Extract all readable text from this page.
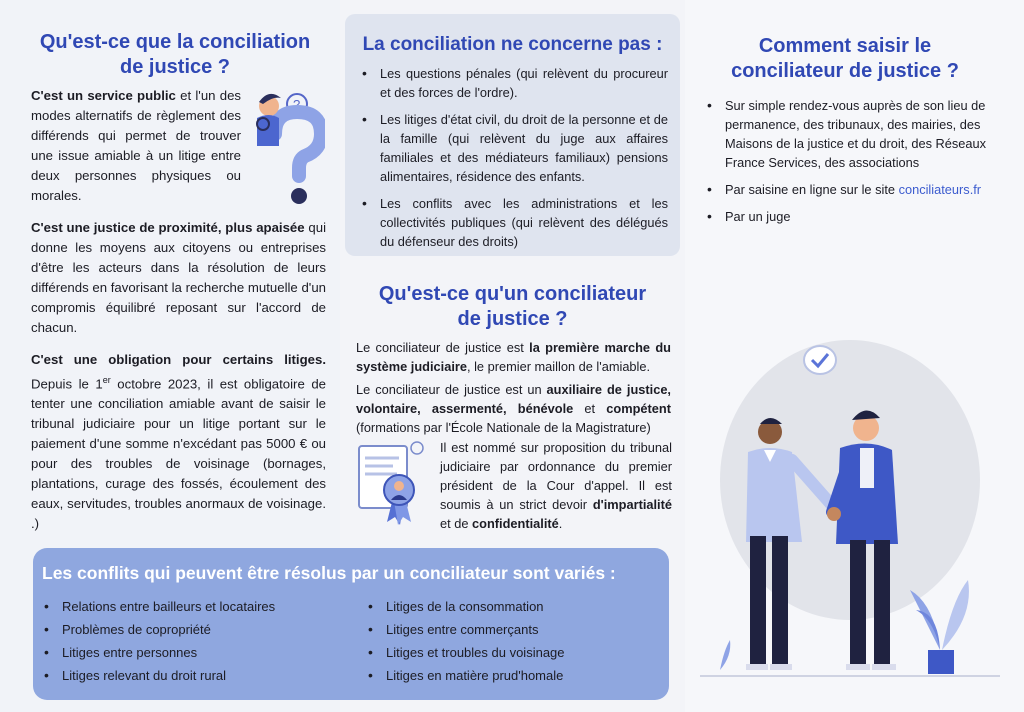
Qu'est-ce que la conciliation
de justice ?
C'est un service public et l'un des modes alternatifs de règlement des différends qui permet de trouver une issue amiable à un litige entre deux personnes physiques ou morales.
?
C'est une justice de proximité, plus apaisée qui donne les moyens aux citoyens ou entreprises d'être les acteurs dans la résolution de leurs différends en favorisant la recherche mutuelle d'un compromis équilibré reposant sur l'accord de chacun.
C'est une obligation pour certains litiges. Depuis le 1er octobre 2023, il est obligatoire de tenter une conciliation amiable avant de saisir le tribunal judiciaire pour un litige portant sur le paiement d'une somme n'excédant pas 5000 € ou pour des troubles de voisinage (bornages, plantations, curage des fossés, écoulement des eaux, servitudes, troubles anormaux de voisinage. .)
La conciliation ne concerne pas :
• Les questions pénales (qui relèvent du procureur et des forces de l'ordre).
• Les litiges d'état civil, du droit de la personne et de la famille (qui relèvent du juge aux affaires familiales et des médiateurs familiaux) pensions alimentaires, résidence des enfants.
• Les conflits avec les administrations et les collectivités publiques (qui relèvent des délégués du défenseur des droits)
Qu'est-ce qu'un conciliateur
de justice ?
Le conciliateur de justice est la première marche du système judiciaire, le premier maillon de l'amiable.
Le conciliateur de justice est un auxiliaire de justice, volontaire, assermenté, bénévole et compétent (formations par l'École Nationale de la Magistrature)
Il est nommé sur proposition du tribunal judiciaire par ordonnance du premier président de la Cour d'appel. Il est soumis à un strict devoir d'impartialité et de confidentialité.
Comment saisir le
conciliateur de justice ?
• Sur simple rendez-vous auprès de son lieu de permanence, des tribunaux, des mairies, des Maisons de la justice et du droit, des Réseaux France Services, des associations
• Par saisine en ligne sur le site conciliateurs.fr
• Par un juge
Les conflits qui peuvent être résolus par un conciliateur sont variés :
• Relations entre bailleurs et locataires
• Problèmes de copropriété
• Litiges entre personnes
• Litiges relevant du droit rural
• Litiges de la consommation
• Litiges entre commerçants
• Litiges et troubles du voisinage
• Litiges en matière prud'homale
